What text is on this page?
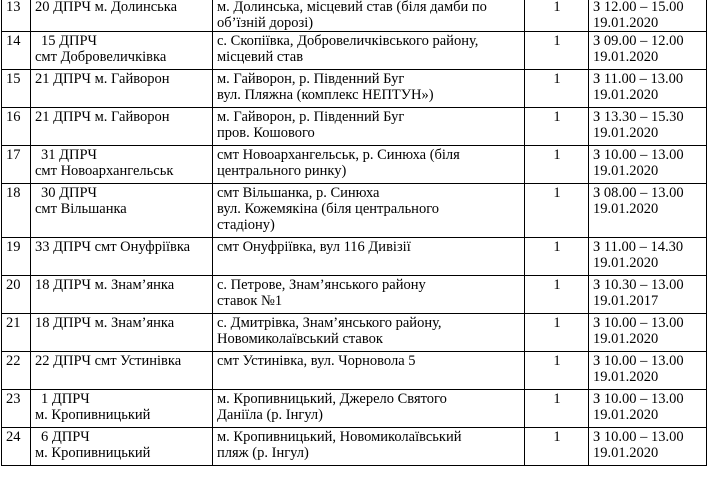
13	20 ДПРЧ м. Долинська	м. Долинська, місцевий став (біля дамби по
об’їзній дорозі)	1	З 12.00 – 15.00
19.01.2020

14	15 ДПРЧ
смт Добровеличківка	с. Скопіївка, Добровеличківського району,
місцевий став	1	З 09.00 – 12.00
19.01.2020

15	21 ДПРЧ м. Гайворон	м. Гайворон, р. Південний Буг
вул. Пляжна (комплекс НЕПТУН»)	1	З 11.00 – 13.00
19.01.2020

16	21 ДПРЧ м. Гайворон	м. Гайворон, р. Південний Буг
пров. Кошового	1	З 13.30 – 15.30
19.01.2020

17	31 ДПРЧ
смт Новоархангельськ	смт Новоархангельськ, р. Синюха (біля
центрального ринку)	1	З 10.00 – 13.00
19.01.2020

18	30 ДПРЧ
смт Вільшанка	смт Вільшанка, р. Синюха
вул. Кожемякіна (біля центрального
стадіону)	1	З 08.00 – 13.00
19.01.2020

19	33 ДПРЧ смт Онуфріївка	смт Онуфріївка, вул 116 Дивізії	1	З 11.00 – 14.30
19.01.2020

20	18 ДПРЧ м. Знам’янка	с. Петрове, Знам’янського району
ставок №1	1	З 10.30 – 13.00
19.01.2017

21	18 ДПРЧ м. Знам’янка	с. Дмитрівка, Знам’янського району,
Новомиколаївський ставок	1	З 10.00 – 13.00
19.01.2020

22	22 ДПРЧ смт Устинівка	смт Устинівка, вул. Чорновола 5	1	З 10.00 – 13.00
19.01.2020

23	1 ДПРЧ
м. Кропивницький	м. Кропивницький, Джерело Святого
Даніїла (р. Інгул)	1	З 10.00 – 13.00
19.01.2020

24	6 ДПРЧ
м. Кропивницький	м. Кропивницький, Новомиколаївський
пляж (р. Інгул)	1	З 10.00 – 13.00
19.01.2020
